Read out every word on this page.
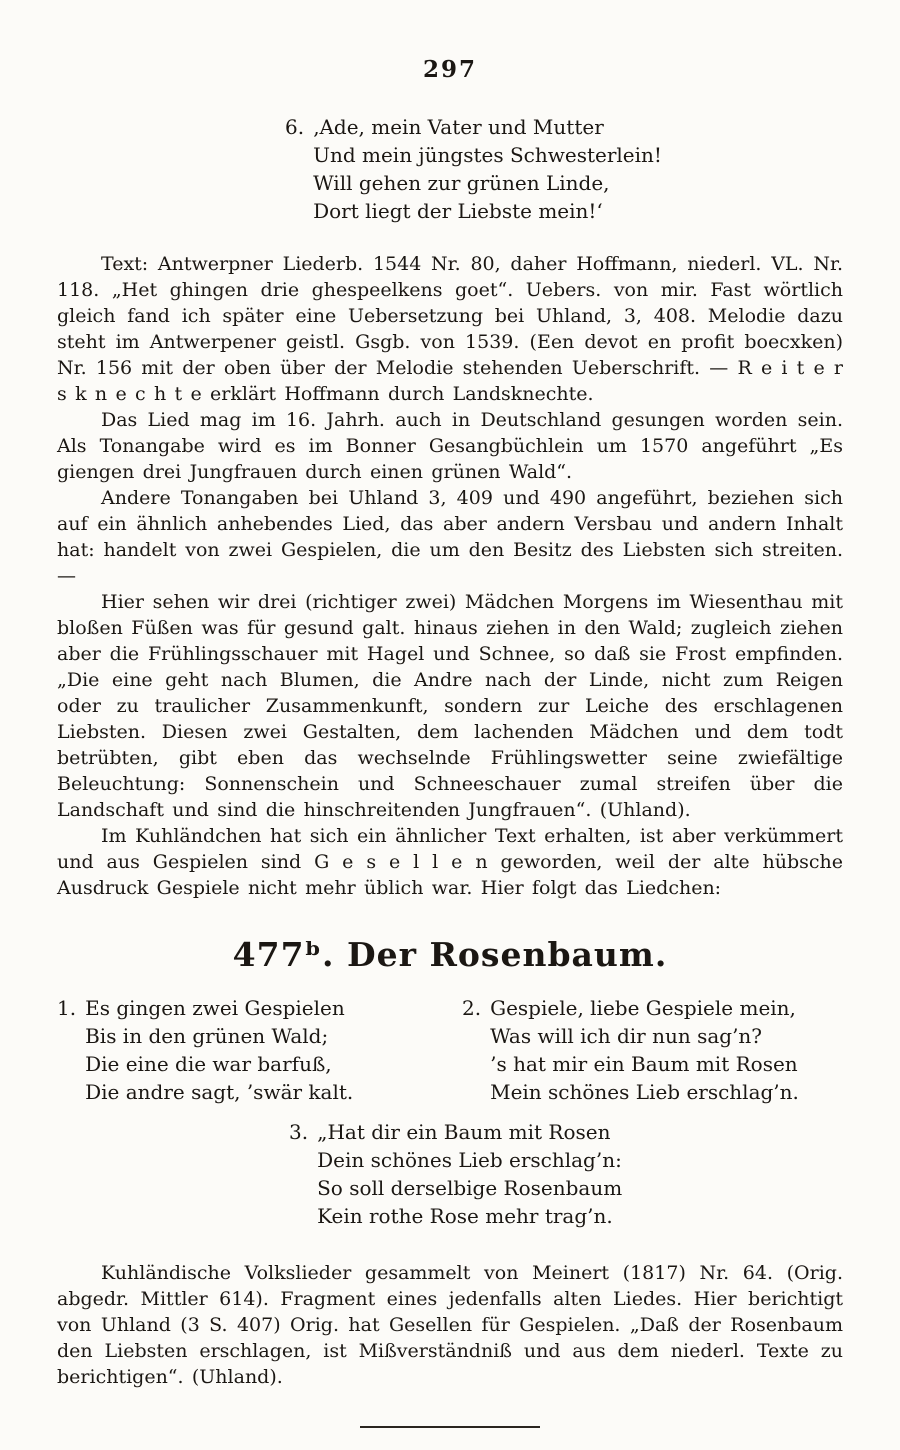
297
6. ‚Ade, mein Vater und Mutter
Und mein jüngstes Schwesterlein!
Will gehen zur grünen Linde,
Dort liegt der Liebste mein!‘

Text: Antwerpner Liederb. 1544 Nr. 80, daher Hoffmann, niederl. VL. Nr. 118. „Het ghingen drie ghespeelkens goet“. Uebers. von mir. Fast wörtlich gleich fand ich später eine Uebersetzung bei Uhland, 3, 408. Melodie dazu steht im Antwerpener geistl. Gsgb. von 1539. (Een devot en profit boecxken) Nr. 156 mit der oben über der Melodie stehenden Ueberschrift. — R e i t e r s k n e c h t e erklärt Hoffmann durch Landsknechte.

Das Lied mag im 16. Jahrh. auch in Deutschland gesungen worden sein. Als Tonangabe wird es im Bonner Gesangbüchlein um 1570 angeführt „Es giengen drei Jungfrauen durch einen grünen Wald“.

Andere Tonangaben bei Uhland 3, 409 und 490 angeführt, beziehen sich auf ein ähnlich anhebendes Lied, das aber andern Versbau und andern Inhalt hat: handelt von zwei Gespielen, die um den Besitz des Liebsten sich streiten. —

Hier sehen wir drei (richtiger zwei) Mädchen Morgens im Wiesenthau mit bloßen Füßen was für gesund galt. hinaus ziehen in den Wald; zugleich ziehen aber die Frühlingsschauer mit Hagel und Schnee, so daß sie Frost empfinden. „Die eine geht nach Blumen, die Andre nach der Linde, nicht zum Reigen oder zu traulicher Zusammenkunft, sondern zur Leiche des erschlagenen Liebsten. Diesen zwei Gestalten, dem lachenden Mädchen und dem todt betrübten, gibt eben das wechselnde Frühlingswetter seine zwiefältige Beleuchtung: Sonnenschein und Schneeschauer zumal streifen über die Landschaft und sind die hinschreitenden Jungfrauen“. (Uhland).

Im Kuhländchen hat sich ein ähnlicher Text erhalten, ist aber verkümmert und aus Gespielen sind G e s e l l e n geworden, weil der alte hübsche Ausdruck Gespiele nicht mehr üblich war. Hier folgt das Liedchen:

477ᵇ. Der Rosenbaum.
1. Es gingen zwei Gespielen
Bis in den grünen Wald;
Die eine die war barfuß,
Die andre sagt, ’swär kalt.
2. Gespiele, liebe Gespiele mein,
Was will ich dir nun sag’n?
’s hat mir ein Baum mit Rosen
Mein schönes Lieb erschlag’n.
3. „Hat dir ein Baum mit Rosen
Dein schönes Lieb erschlag’n:
So soll derselbige Rosenbaum
Kein rothe Rose mehr trag’n.

Kuhländische Volkslieder gesammelt von Meinert (1817) Nr. 64. (Orig. abgedr. Mittler 614). Fragment eines jedenfalls alten Liedes. Hier berichtigt von Uhland (3 S. 407) Orig. hat Gesellen für Gespielen. „Daß der Rosenbaum den Liebsten erschlagen, ist Mißverständniß und aus dem niederl. Texte zu berichtigen“. (Uhland).
